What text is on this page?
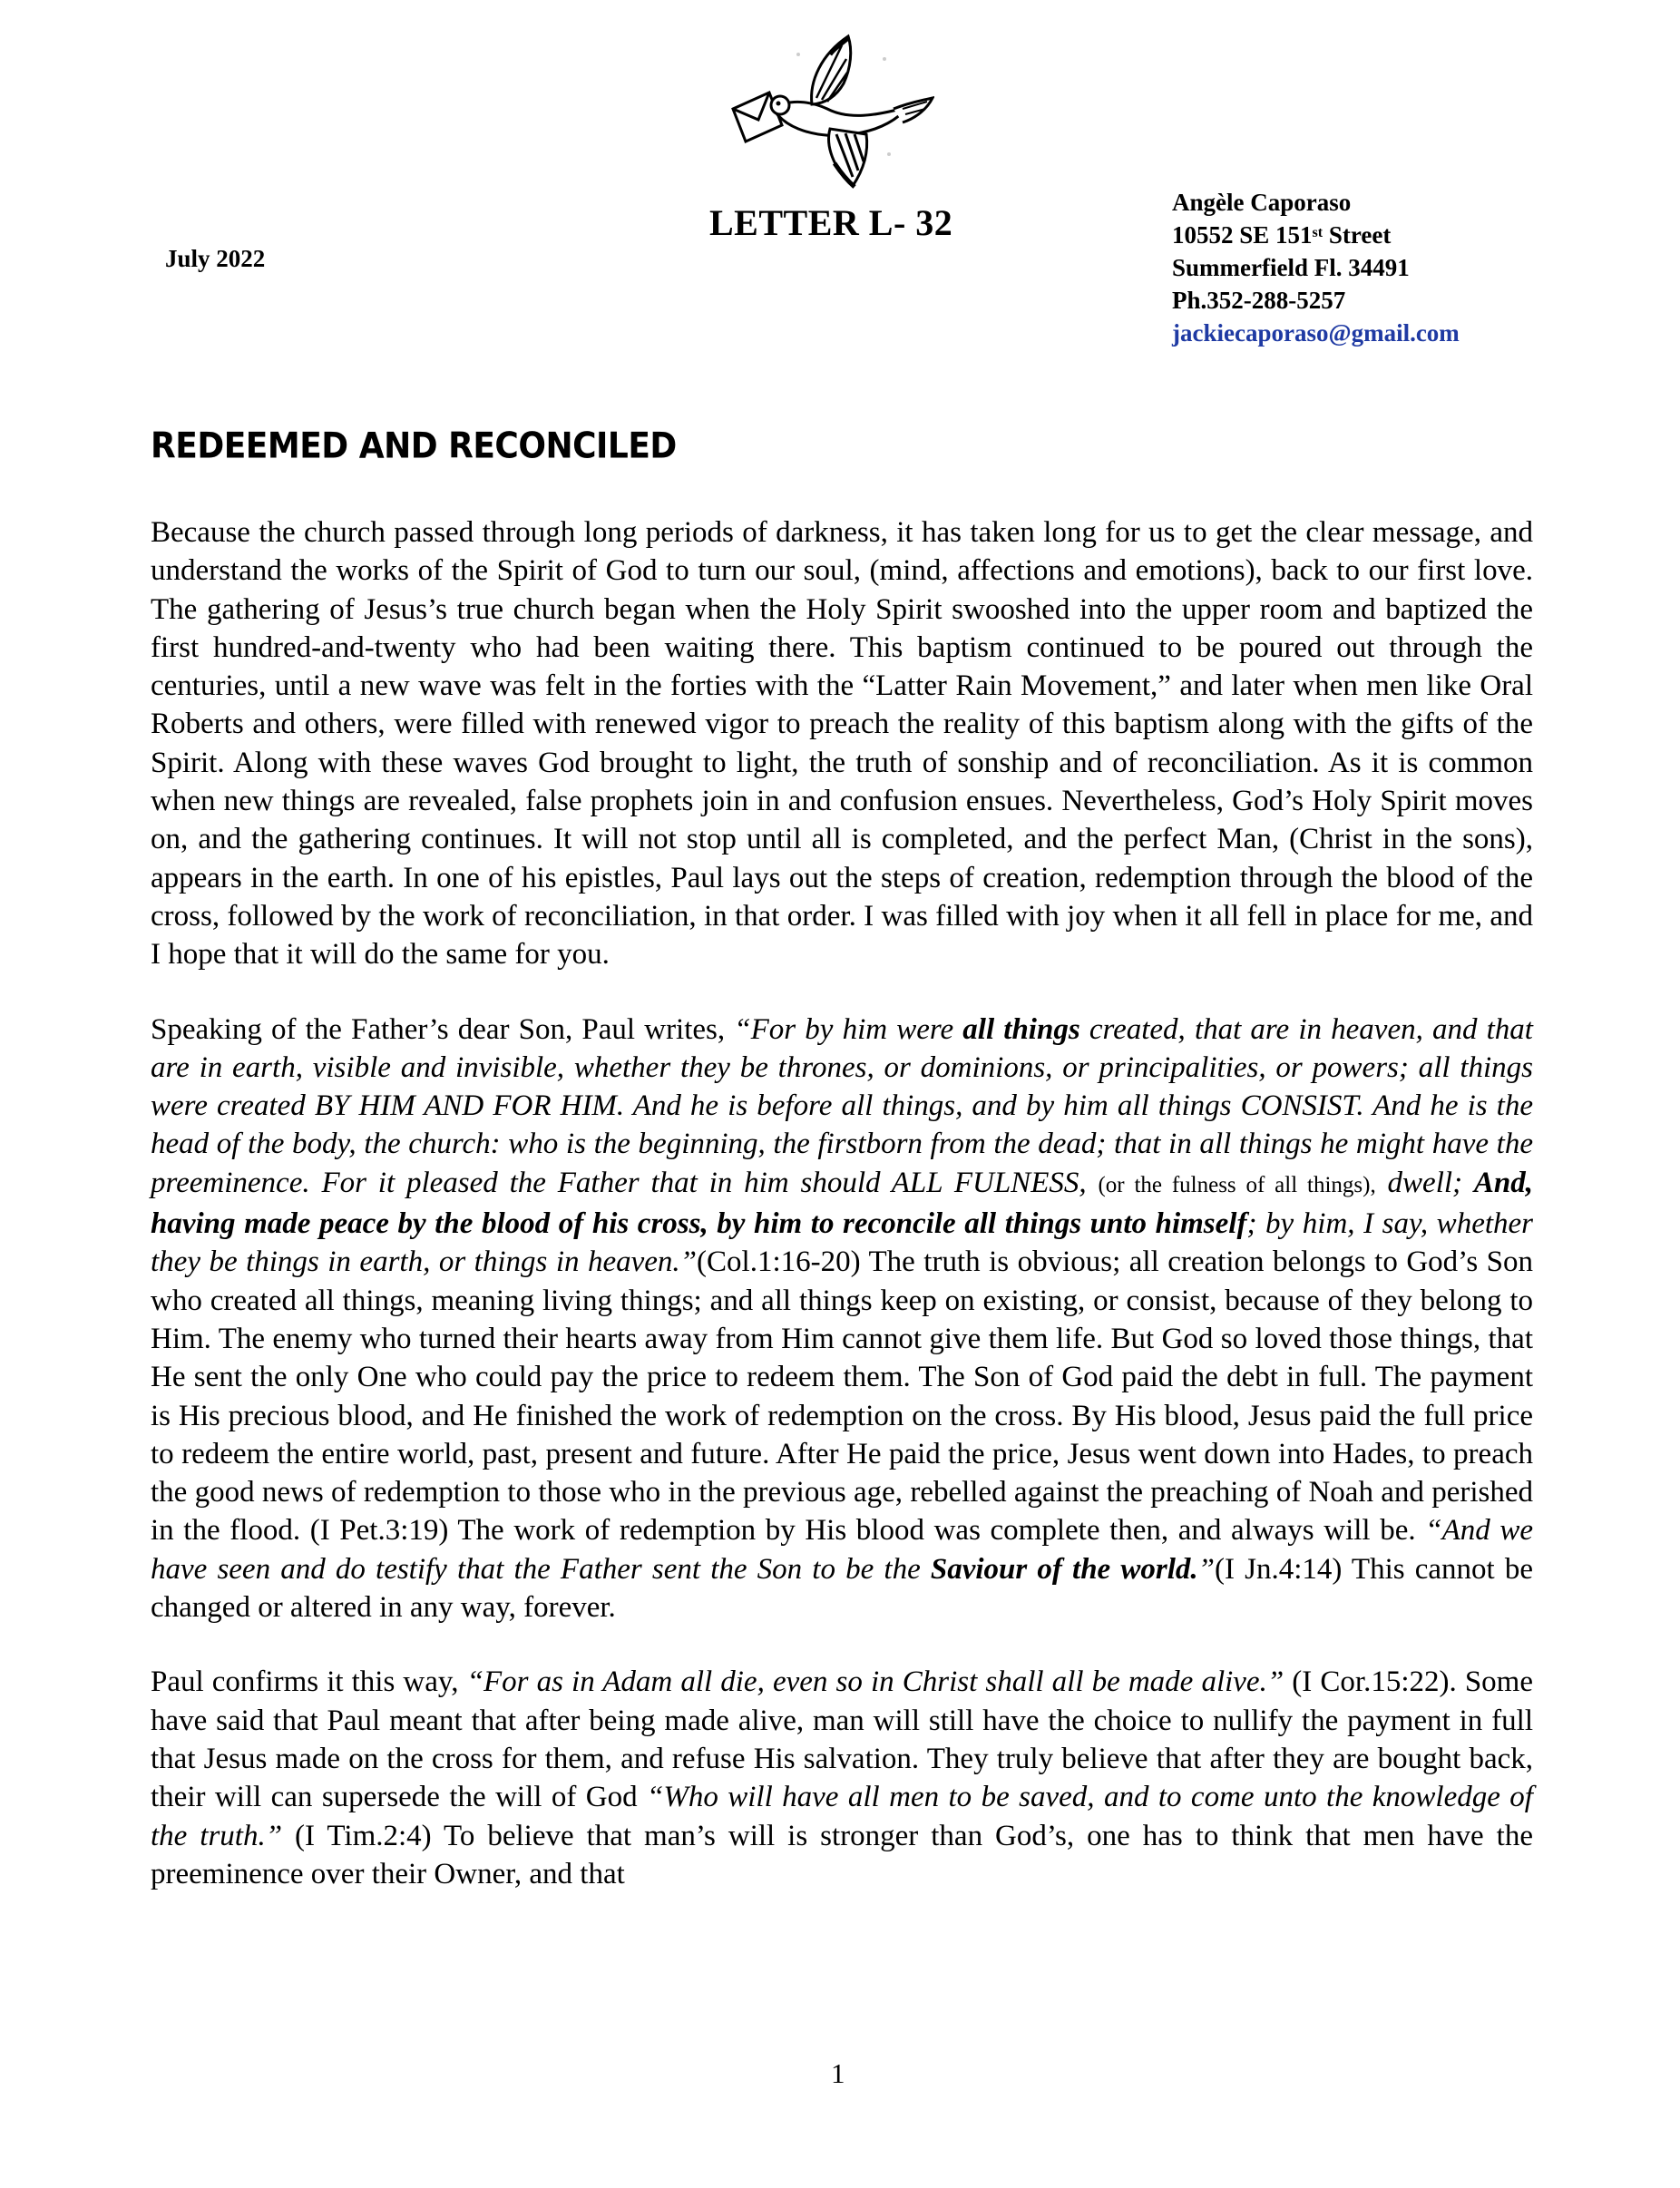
LETTER L- 32
July 2022
Angèle Caporaso
10552 SE 151st Street
Summerfield Fl. 34491
Ph.352-288-5257
jackiecaporaso@gmail.com
REDEEMED AND RECONCILED

Because the church passed through long periods of darkness, it has taken long for us to get the clear message, and understand the works of the Spirit of God to turn our soul, (mind, affections and emotions), back to our first love. The gathering of Jesus’s true church began when the Holy Spirit swooshed into the upper room and baptized the first hundred-and-twenty who had been waiting there. This baptism continued to be poured out through the centuries, until a new wave was felt in the forties with the “Latter Rain Movement,” and later when men like Oral Roberts and others, were filled with renewed vigor to preach the reality of this baptism along with the gifts of the Spirit. Along with these waves God brought to light, the truth of sonship and of reconciliation. As it is common when new things are revealed, false prophets join in and confusion ensues. Nevertheless, God’s Holy Spirit moves on, and the gathering continues. It will not stop until all is completed, and the perfect Man, (Christ in the sons), appears in the earth. In one of his epistles, Paul lays out the steps of creation, redemption through the blood of the cross, followed by the work of reconciliation, in that order. I was filled with joy when it all fell in place for me, and I hope that it will do the same for you.

Speaking of the Father’s dear Son, Paul writes, “For by him were all things created, that are in heaven, and that are in earth, visible and invisible, whether they be thrones, or dominions, or principalities, or powers; all things were created BY HIM AND FOR HIM. And he is before all things, and by him all things CONSIST. And he is the head of the body, the church: who is the beginning, the firstborn from the dead; that in all things he might have the preeminence. For it pleased the Father that in him should ALL FULNESS, (or the fulness of all things), dwell; And, having made peace by the blood of his cross, by him to reconcile all things unto himself; by him, I say, whether they be things in earth, or things in heaven.”(Col.1:16-20) The truth is obvious; all creation belongs to God’s Son who created all things, meaning living things; and all things keep on existing, or consist, because of they belong to Him. The enemy who turned their hearts away from Him cannot give them life. But God so loved those things, that He sent the only One who could pay the price to redeem them. The Son of God paid the debt in full. The payment is His precious blood, and He finished the work of redemption on the cross. By His blood, Jesus paid the full price to redeem the entire world, past, present and future. After He paid the price, Jesus went down into Hades, to preach the good news of redemption to those who in the previous age, rebelled against the preaching of Noah and perished in the flood. (I Pet.3:19) The work of redemption by His blood was complete then, and always will be. “And we have seen and do testify that the Father sent the Son to be the Saviour of the world.”(I Jn.4:14) This cannot be changed or altered in any way, forever.

Paul confirms it this way, “For as in Adam all die, even so in Christ shall all be made alive.” (I Cor.15:22). Some have said that Paul meant that after being made alive, man will still have the choice to nullify the payment in full that Jesus made on the cross for them, and refuse His salvation. They truly believe that after they are bought back, their will can supersede the will of God “Who will have all men to be saved, and to come unto the knowledge of the truth.” (I Tim.2:4) To believe that man’s will is stronger than God’s, one has to think that men have the preeminence over their Owner, and that

1
